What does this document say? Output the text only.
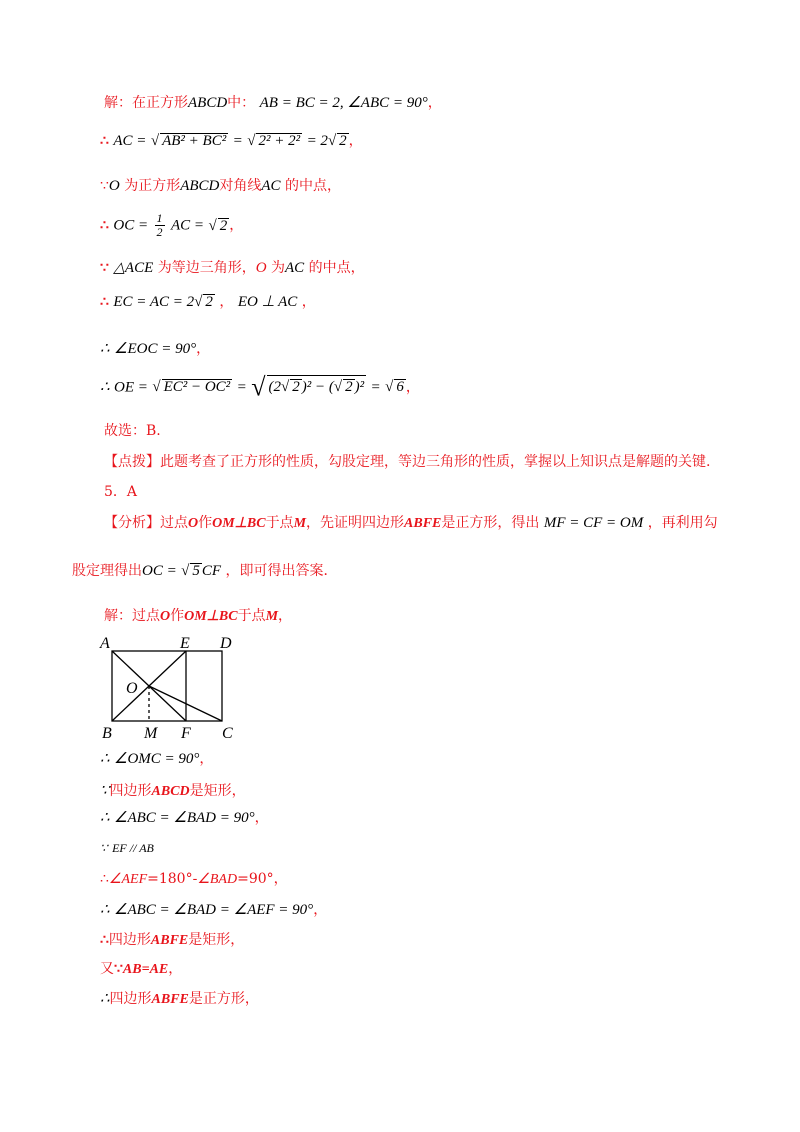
解：在正方形ABCD中： AB = BC = 2, ∠ABC = 90°，
∴ AC = √ AB² + BC² = √ 2² + 2² = 2√ 2 ，
∵O 为正方形ABCD对角线AC 的中点，
∴ OC = $\frac{1}{2}$ AC = √ 2 ，
∵ △ACE 为等边三角形，O 为AC 的中点，
∴ EC = AC = 2√ 2 ， EO ⊥ AC ，
∴ ∠EOC = 90°，
∴ OE = √ EC² − OC² = √ (2√ 2 )² − (√ 2 )² = √ 6 ，
故选：B.
【点拨】此题考查了正方形的性质，勾股定理，等边三角形的性质，掌握以上知识点是解题的关键.
5．A
【分析】过点O作OM⊥BC于点M，先证明四边形ABFE是正方形，得出 MF = CF = OM ，再利用勾
股定理得出OC = √ 5 CF ，即可得出答案．
解：过点O作OM⊥BC于点M，
A	E D
O
B M F C
∴ ∠OMC = 90°，
∵四边形ABCD是矩形，
∴ ∠ABC = ∠BAD = 90°，
∵ EF // AB
∴∠AEF=180°-∠BAD=90°，
∴ ∠ABC = ∠BAD = ∠AEF = 90°，
∴四边形ABFE是矩形，
又∵AB=AE，
∴四边形ABFE是正方形，
